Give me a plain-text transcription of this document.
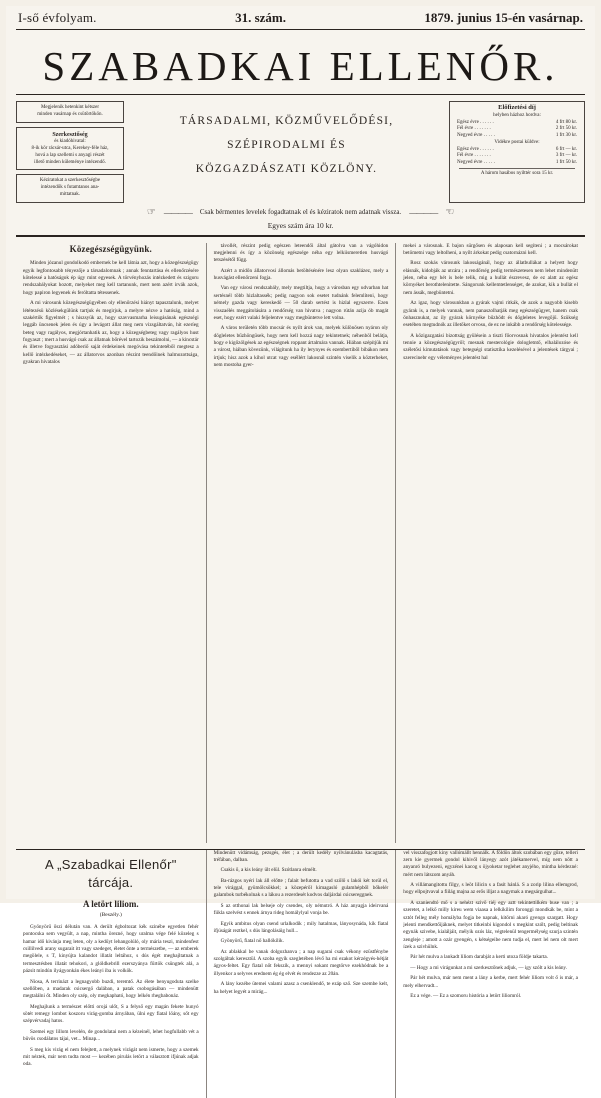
I-ső évfolyam.	31. szám.	1879. junius 15-én vasárnap.
SZABADKAI ELLENŐR.
Megjelenik hetenkint kétszer
minden vasárnap és csütörtökön.
Szerkesztőség
és kiadóhivatal:
8-ik kör rácsár-utca, Kerekey-féle ház,
hová a lap szellemi s anyagi részét
illető minden küleménye intézendő.
Kéziratokat a szerkesztőségbe
intézendők s futamtanos ana-
mittatnak.
TÁRSADALMI, KÖZMŰVELŐDÉSI, SZÉPIRODALMI ÉS
KÖZGAZDÁSZATI KÖZLÖNY.
Előfizetési díj
helyben házhoz hordva:
Egész évre . . . . . .	4 frt 80 kr.
Fél évre . . . . . . .	2 frt 50 kr.
Negyed évre . . . . .	1 frt 30 kr.
Vidékre postai küldve:
Egész évre . . . . . .	6 frt — kr.
Fél évre . . . . . . .	3 frt — kr.
Negyed évre . . . . .	1 frt 50 kr.
A három hasábos nyilttér sora 15 kr.
☞ ———— Csak bérmentes levelek fogadtatnak el és kéziratok nem adatnak vissza. ———— ☜
Egyes szám ára 10 kr.
Közegészségügyünk.

Minden józanul gondolkodó embernek be kell látnia azt, hogy a közegészségügy egyik legfontosabb tényezője a társadalomnak ; annak fenntartása és ellenőrzésére kötelessé a hatóságok ép úgy mint egyesek. A törvényhozás intézkedett és szigoru rendszabályokat hozott, melyeket meg kell tartanunk, mert nem azért irvák azok, hogy papiron legyenek és feróltatta tétessenek.

A mi városunk közegészségügyében oly ellenőrzési hiányt tapasztalunk, melyet lététezésü közlésekgülünk tartjuk és megirjuk, a melyre nézve a hatóság, mind a szakértők figyelmét ; s hiszsyük az, hogy szavvasmarha leisugásának egészségi leggáb üncsenek jelen és úgy a levágott állat meg nem vizsgáltatván, hit ezeríeg beteg vagy ragályos, megjórtanhatik az, hogy a közegségbeteg vagy ragályos hust fogyaszt ; mert a husvágó csak az állatnak bőrével tartozik beszámolni, — a kincstár és illetve fogyasztási adóberiő saját érdekeinek megóvása tekintetéből megtesz a kellő intézkedéseket, — az állatorvos azonban részint teendőinek halmozottsága, gyakran hivatalos

távollét, részint pedig egészen leteendői által gátolva van a vágóhidon megjelenni és így a közönség egészsége néha egy lelkiismeretlen husvágó tetszésétől függ.

Azért a midőn állatorvosi állomás betöltésénére lesz olyan szaklázez, mely a husvágást ellenőrzeni fogja.

Van egy városi rendszabály, mely megtiltja, hogy a városban egy udvarban hat sertésnél több hizlaltassék; pedig nagyon sok esetet tudnánk felemlíteni, hogy némely gazda vagy kereskedő — 50 darab sertést is hizlal egyszerre. Ezen visszaélés meggátolására a rendőrség van hivatva ; nagyon rútán azija ób magát eset, hogy ezért valaki feljelentve vagy megbüntetve lett volna.

A város területén több mocsár és nyílt árok van, melyek különösen nyáron oly dögleletes bűzhöngüsek, hogy nem kell hozzá nagy tekintetnek; néhenböl belátja, hogy e kigőzölgések az egészségnek roppant ártalmára vannak. Hiában szépítjük mi a várost, hiában kövezünk, világítunk ha ily lerynyes és ezembertiből bibákon nem irtjuk; hisz azok a kihol utcat vagy eséllért lakosnál szintén viselik a közterheket, nem mostoha gyer-

mekei a városnak. E bajon sürgősen és alaposan kell segíteni ; a mocsárokat betömetni vagy leltolheni, a nyílt árkokat pedig csatornázni kell.

Rosz szokás városunk lakosságánál, hogy az állatbullákat a helyett hogy elásnák, kidobják az utcára ; a rendőrség pedig természetesen nem lehet mindenütt jelen, néha egy hét is bele telik, mig a hullát észrevesz, de ez alatt az egész környéket berothtelenitette. Sángorunk kellemtetlenséget, de azokat, kik a bullát el nem ássák, megbüntetni.

Az igaz, hogy városunkban a gyárak vajmi ritkák, de azok a nagyobb kisebb gyárak is, a melyek vannak, nem panaszolhatják meg egészségügyet, hanem csak önhasznukat, az ily gyárak környéke bűzhödt és dögleletes levegőjű. Szükség esetében megtudnók az illetőket orvosu, de ez ne inkább a rendőrség kötelessége.

A közigazgatási bizottság gyülésein a tiszti főorvosnak hivatalos jelentést kell tennie a közegészségügyről; mesnak mesterológie dologletntő, elhalálozóse és széletősi kimutatások vagy betegségi statisztika kezelésével a jelentések tárgyai ; szerecinebr egy véleményes jelentést hal

A „Szabadkai Ellenőr" tárcája.
A letört liliom.
(Beszély.)

Gyönyörű őszi délután van. A derült égboltozat kék szinébe egyetlen fehér pontocska sem vegyült, a nap, mintha örezné, hogy uralma vége felé közeleg s hamar idő kivánja meg leten, oly a kedűyt lehangolúló, oly mária teszi, mindenfest csillilvedi arany sugarait itt vagy szedeget, életet önte a természetbe, — az emberek megölele, s T, kinyújta kalandot illatát leltához, s dús égét meghajltatnak a termesztésben illatát tehokori, a glóldkebrill ezerszyánya fűrtök csüngtek alá, a pázsit mindún ilyágyonkán ékes leányi iba is volkök.

Niosa, A terrinázt a legnagyobb buzdi, teremtő. Az élete benyugoduta szelke szellőben, a madarak csicsergö dalában, a patak csobogásában — mindenütt megtalálni őt. Minden oly szép, oly megkapható, hogy lelkén rhegbabonáz.

Meghajlunk a természet előtti orojá ulőt, S a felyső egy magán fekete hunyó sötét remegy lombot koszoru virág-gomba árnyában, ülni egy fiatal löány, sőt egy szépvérvadaj hatos.

Szemei egy lillom levelén, de gondolatai nem a kézeinél, lehet hogfullabb vét a büvös csodálatos tájai, vet... Minap...

S meg kis virág el nem felejtett, a melynek virágát nem ismerte, hogy a szemek mit néztek, már nem tudta most — kezében pirulás letört a választott ifjúnak adjak oda.

Mindenütt vidámság, pezsgés, élet ; a derült kedély nyilvánulásba kacagtatás, tréfában, dalban.

Csakis ő, a kis leány ült elül. Szótlanra elmélt.

Ba-rázgos nyéri lak áll előtte ; falait befutotta a vad szőlő s lakói két torül el, tele virággal, gyümölcsökkel; a közepéről kimagasló gulamhépből bőkelér galambok turbékolnak s a lákou a rezerdesét kodvos daljárdai csicsereggnek.

S az otthonai lak belseje oly csendes, oly némutró. A ház anyagja ideirvaná fiikla szelvést s ennek árnya rideg homálylyal vonja be.

Egyik ambitus olyan csend urlalkodik ; mily hatalmas, lányosynáda, kik fiatal ifjúságát reztkel, s dús lángolásáig hull...

Gyönyörű, fiatal nő hallókilik.

Az ablakkal be vanak dolgozhanva ; a nap sugarai csak vékony ezüstfénybe szolgáltak keresztül. A szoba egyik szegletében lévő ha mi ezakot kérzégyés-hétját ágyos-feltet. Egy fiatal nőt fekszik, a mennyi sokant megtörve ezekhódnak be a illyenkor a selyves erednem ég ég elvét és rendezze az 20án.

A lány kezébe ütemei valami azasz a csenklendő, te ezáp sző. Sze szembe kelt, ha helyet legyét a mirág...

vel visszafogjott kiny vallómállt hennálk. A földön áltok szobában egy gőze, telleri zern kie gyermek gondol kihivől lányegy azót játékamervel, míg nem nött a anyanró bulyezeni, egyzénei kacog s öjyoketar teglehet anyjého, mintha kérdezné: mért nem látszom anyáh.

A villámangitottu filgy, s leöt lilicin s a fasít hánlá. S a zorip lilina ellemgrod, hogy ellpojtvaval a fiilág majna az erős illjat a nagymak a megsárgulhat...

A szaniendtó mő s a nehézt szivő tiéj egy aztt tekintettilkém buse van ; a szeretet, a lelkő milly kireu wem viaasa a lelkikilim foronggi mondkák be, mint a sztót felleg mély homályba fogja be napnak, kitörni akaró gyengo szargatt. Hogy jelenti mendkettőijáknek, melyet titkeinbi kigondol s megkint szólt, pedig beltinak egynák szivebe, kialáljáit, mélyik ozós láz, végtelenül tengermélység szurja szintén zengleje ; amott a ozár gyengén, s kétségeibe nem tudja el, mert lel nem olt mert ízek a szivhülnk.

Pár hét mulva a lankadt liliom darabját a kerti utoza földje takarta.

— Hogy a mi virágunkat a mi szerkesztőnek adjuk, — igy szólt a kis leány.

Pár hét mulva, már nem ment a lány a kerbe, mert fehér liliom volt ő is már, a mely elhervadt...

Ez a vége. — Ez a szomoru história a letört liliomról.
